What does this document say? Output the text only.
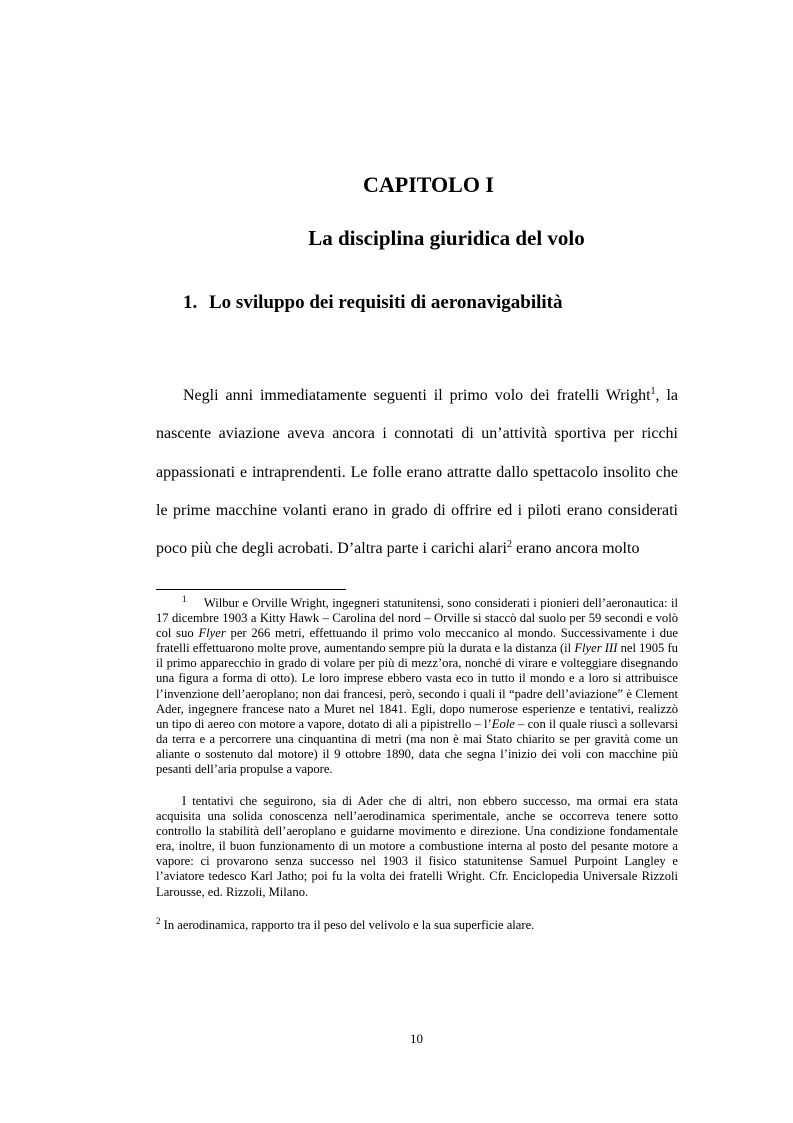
CAPITOLO I
La disciplina giuridica del volo
1. Lo sviluppo dei requisiti di aeronavigabilità

Negli anni immediatamente seguenti il primo volo dei fratelli Wright$^1$, la nascente aviazione aveva ancora i connotati di un’attività sportiva per ricchi appassionati e intraprendenti. Le folle erano attratte dallo spettacolo insolito che le prime macchine volanti erano in grado di offrire ed i piloti erano considerati poco più che degli acrobati. D’altra parte i carichi alari$^2$ erano ancora molto

$^1$ Wilbur e Orville Wright, ingegneri statunitensi, sono considerati i pionieri dell’aeronautica: il 17 dicembre 1903 a Kitty Hawk – Carolina del nord – Orville si staccò dal suolo per 59 secondi e volò col suo Flyer per 266 metri, effettuando il primo volo meccanico al mondo. Successivamente i due fratelli effettuarono molte prove, aumentando sempre più la durata e la distanza (il Flyer III nel 1905 fu il primo apparecchio in grado di volare per più di mezz’ora, nonché di virare e volteggiare disegnando una figura a forma di otto). Le loro imprese ebbero vasta eco in tutto il mondo e a loro si attribuisce l’invenzione dell’aeroplano; non dai francesi, però, secondo i quali il “padre dell’aviazione” è Clement Ader, ingegnere francese nato a Muret nel 1841. Egli, dopo numerose esperienze e tentativi, realizzò un tipo di aereo con motore a vapore, dotato di ali a pipistrello – l’Eole – con il quale riuscì a sollevarsi da terra e a percorrere una cinquantina di metri (ma non è mai Stato chiarito se per gravità come un aliante o sostenuto dal motore) il 9 ottobre 1890, data che segna l’inizio dei voli con macchine più pesanti dell’aria propulse a vapore.

I tentativi che seguirono, sia di Ader che di altri, non ebbero successo, ma ormai era stata acquisita una solida conoscenza nell’aerodinamica sperimentale, anche se occorreva tenere sotto controllo la stabilità dell’aeroplano e guidarne movimento e direzione. Una condizione fondamentale era, inoltre, il buon funzionamento di un motore a combustione interna al posto del pesante motore a vapore: ci provarono senza successo nel 1903 il fisico statunitense Samuel Purpoint Langley e l’aviatore tedesco Karl Jatho; poi fu la volta dei fratelli Wright. Cfr. Enciclopedia Universale Rizzoli Larousse, ed. Rizzoli, Milano.

$^2$ In aerodinamica, rapporto tra il peso del velivolo e la sua superficie alare.

10
